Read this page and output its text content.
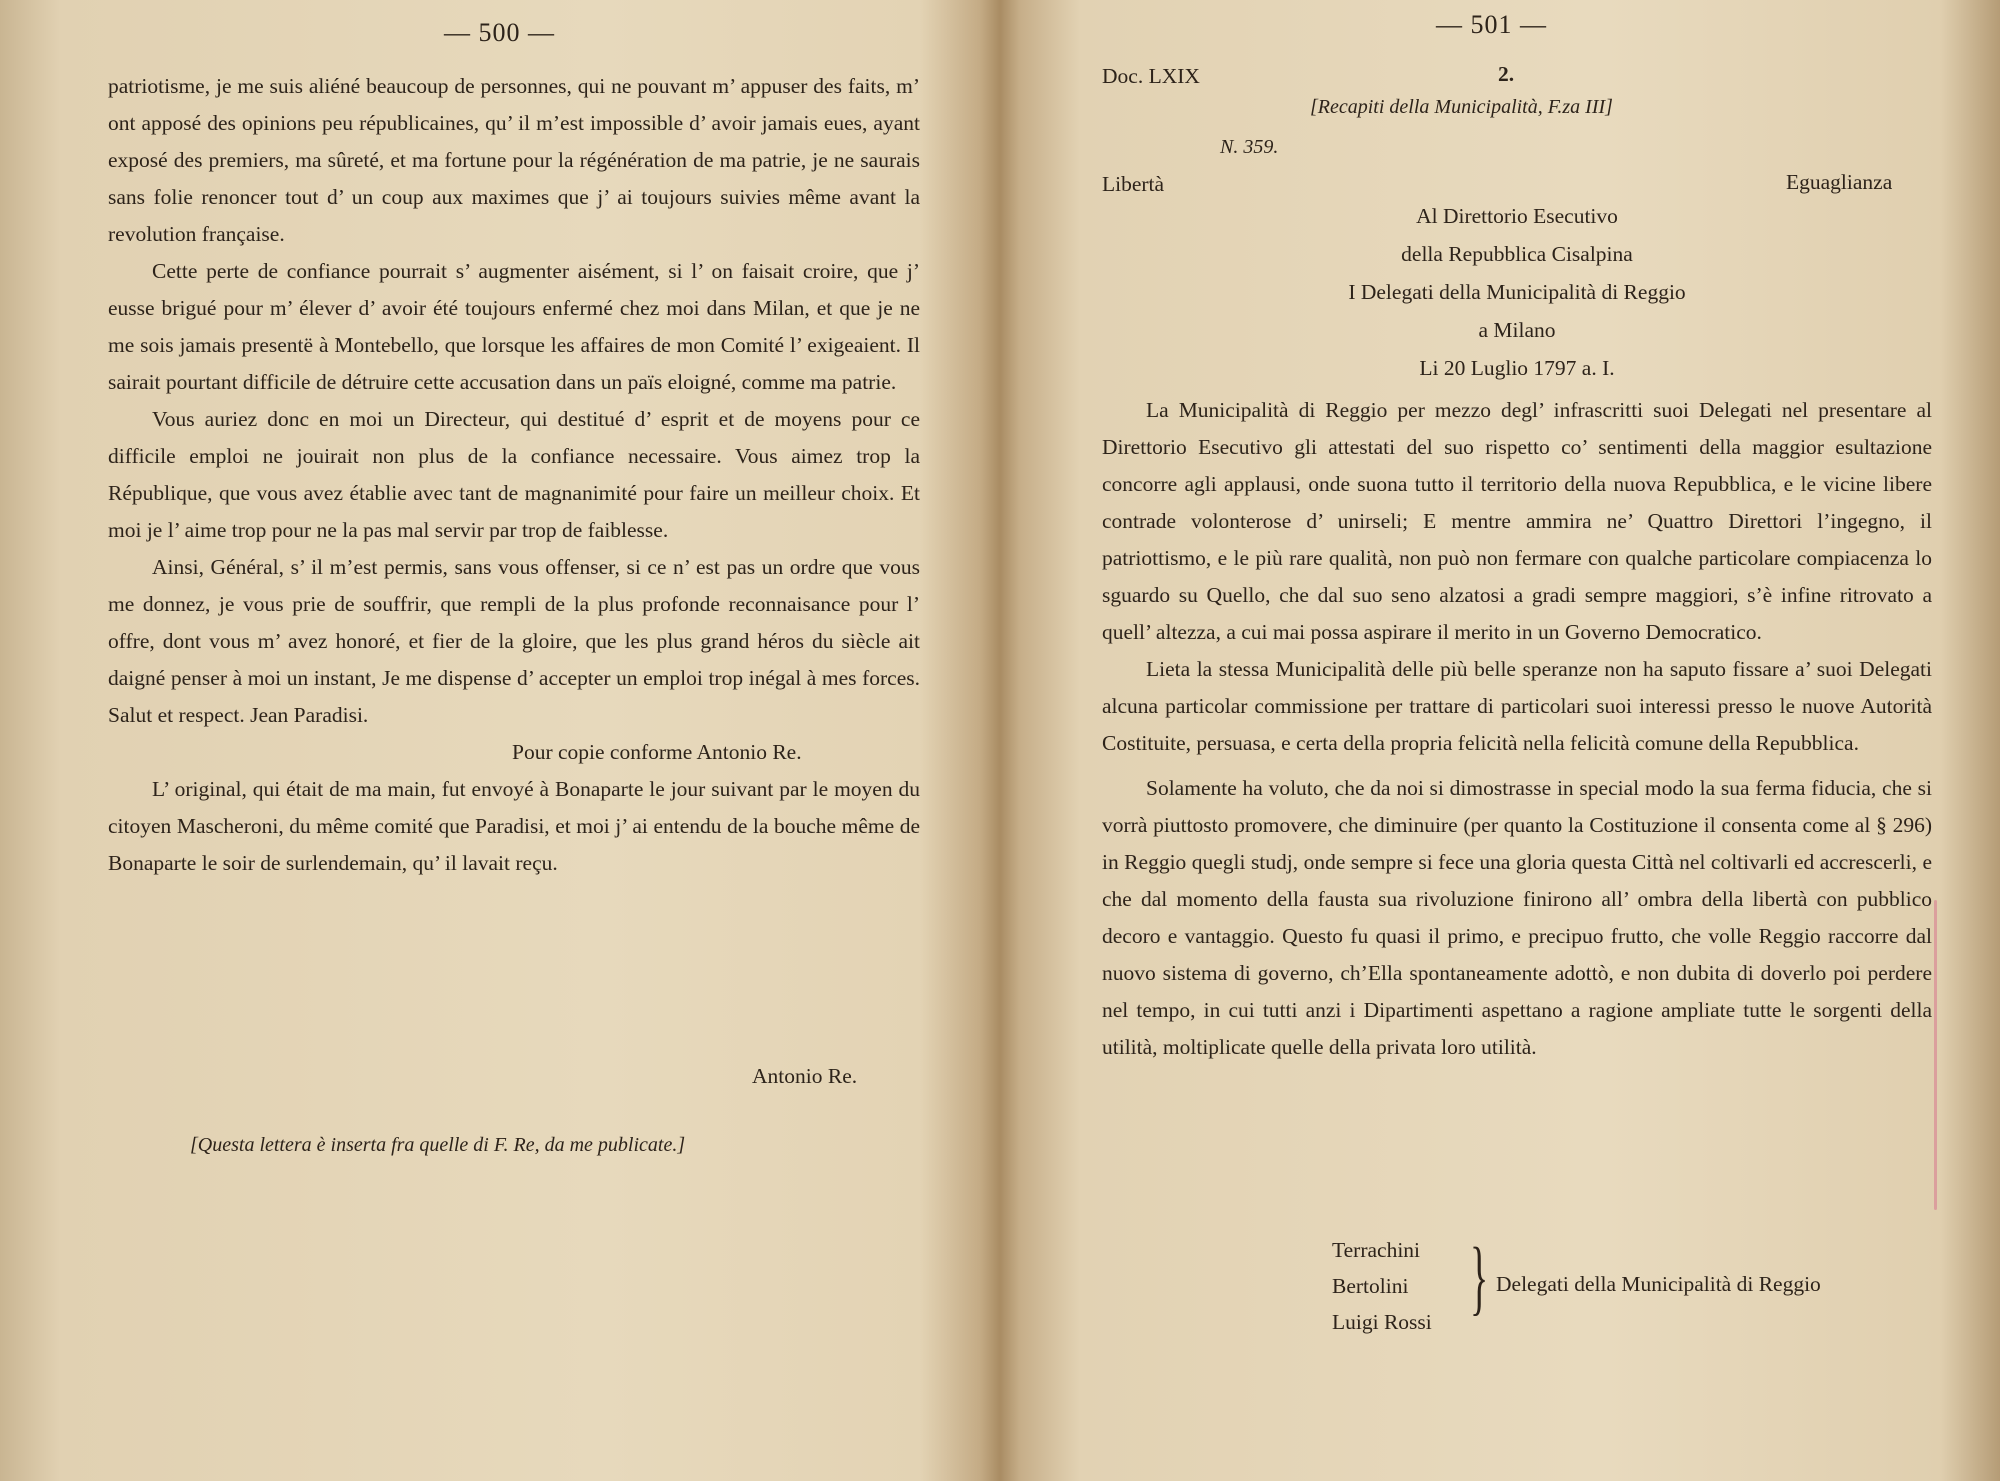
— 500 —

patriotisme, je me suis aliéné beaucoup de personnes, qui ne pouvant m’ appuser des faits, m’ ont apposé des opinions peu républicaines, qu’ il m’est impossible d’ avoir jamais eues, ayant exposé des premiers, ma sûreté, et ma fortune pour la régénération de ma patrie, je ne saurais sans folie renoncer tout d’ un coup aux maximes que j’ ai toujours suivies même avant la revolution française.

Cette perte de confiance pourrait s’ augmenter aisément, si l’ on faisait croire, que j’ eusse brigué pour m’ élever d’ avoir été toujours enfermé chez moi dans Milan, et que je ne me sois jamais presentë à Montebello, que lorsque les affaires de mon Comité l’ exigeaient. Il sairait pourtant difficile de détruire cette accusation dans un païs eloigné, comme ma patrie.

Vous auriez donc en moi un Directeur, qui destitué d’ esprit et de moyens pour ce difficile emploi ne jouirait non plus de la confiance necessaire. Vous aimez trop la République, que vous avez établie avec tant de magnanimité pour faire un meilleur choix. Et moi je l’ aime trop pour ne la pas mal servir par trop de faiblesse.

Ainsi, Général, s’ il m’est permis, sans vous offenser, si ce n’ est pas un ordre que vous me donnez, je vous prie de souffrir, que rempli de la plus profonde reconnaisance pour l’ offre, dont vous m’ avez honoré, et fier de la gloire, que les plus grand héros du siècle ait daigné penser à moi un instant, Je me dispense d’ accepter un emploi trop inégal à mes forces. Salut et respect. Jean Paradisi.

Pour copie conforme Antonio Re.

L’ original, qui était de ma main, fut envoyé à Bonaparte le jour suivant par le moyen du citoyen Mascheroni, du même comité que Paradisi, et moi j’ ai entendu de la bouche même de Bonaparte le soir de surlendemain, qu’ il lavait reçu.

Antonio Re.
[Questa lettera è inserta fra quelle di F. Re, da me publicate.]
— 501 —
Doc. LXIX	2.
[Recapiti della Municipalità, F.za III]
N. 359.
Libertà	Eguaglianza
Al Direttorio Esecutivo
della Repubblica Cisalpina
I Delegati della Municipalità di Reggio
a Milano
Li 20 Luglio 1797 a. I.

La Municipalità di Reggio per mezzo degl’ infrascritti suoi Delegati nel presentare al Direttorio Esecutivo gli attestati del suo rispetto co’ sentimenti della maggior esultazione concorre agli applausi, onde suona tutto il territorio della nuova Repubblica, e le vicine libere contrade volonterose d’ unirseli; E mentre ammira ne’ Quattro Direttori l’ingegno, il patriottismo, e le più rare qualità, non può non fermare con qualche particolare compiacenza lo sguardo su Quello, che dal suo seno alzatosi a gradi sempre maggiori, s’è infine ritrovato a quell’ altezza, a cui mai possa aspirare il merito in un Governo Democratico.

Lieta la stessa Municipalità delle più belle speranze non ha saputo fissare a’ suoi Delegati alcuna particolar commissione per trattare di particolari suoi interessi presso le nuove Autorità Costituite, persuasa, e certa della propria felicità nella felicità comune della Repubblica.

Solamente ha voluto, che da noi si dimostrasse in special modo la sua ferma fiducia, che si vorrà piuttosto promovere, che diminuire (per quanto la Costituzione il consenta come al § 296) in Reggio quegli studj, onde sempre si fece una gloria questa Città nel coltivarli ed accrescerli, e che dal momento della fausta sua rivoluzione finirono all’ ombra della libertà con pubblico decoro e vantaggio. Questo fu quasi il primo, e precipuo frutto, che volle Reggio raccorre dal nuovo sistema di governo, ch’Ella spontaneamente adottò, e non dubita di doverlo poi perdere nel tempo, in cui tutti anzi i Dipartimenti aspettano a ragione ampliate tutte le sorgenti della utilità, moltiplicate quelle della privata loro utilità.

Terrachini
Bertolini
Luigi Rossi } Delegati della Municipalità di Reggio
